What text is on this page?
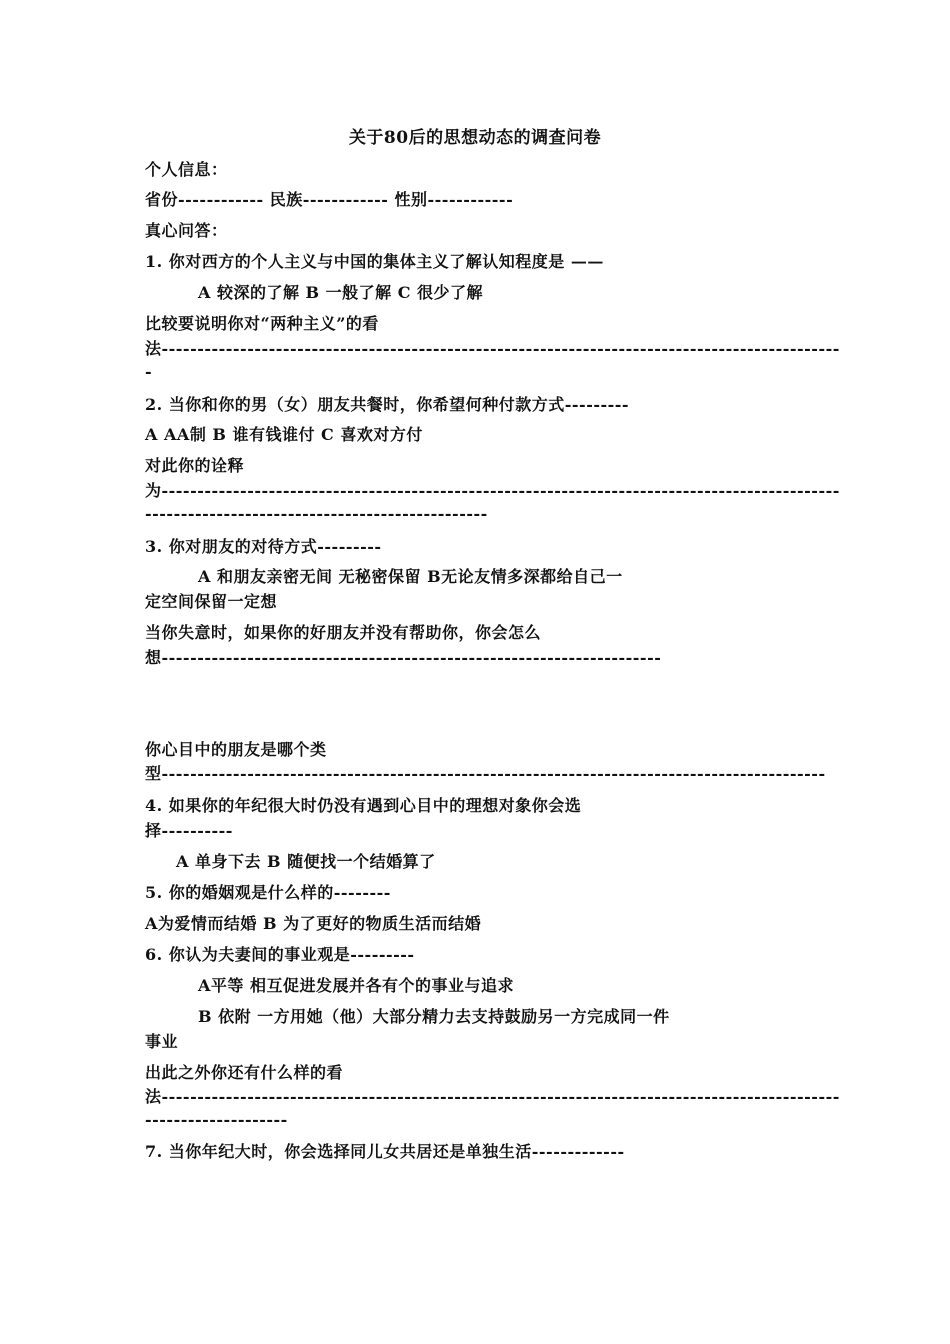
关于80后的思想动态的调查问卷
个人信息：
省份------------ 民族------------ 性别------------
真心问答：
1. 你对西方的个人主义与中国的集体主义了解认知程度是 ——
A 较深的了解 B 一般了解 C 很少了解
比较要说明你对“两种主义”的看
法-----------------------------------------------------------------------------------------------
-
2. 当你和你的男（女）朋友共餐时，你希望何种付款方式---------
A AA制 B 谁有钱谁付 C 喜欢对方付
对此你的诠释
为-----------------------------------------------------------------------------------------------
------------------------------------------------
3. 你对朋友的对待方式---------
A 和朋友亲密无间 无秘密保留 B无论友情多深都给自己一
定空间保留一定想
当你失意时，如果你的好朋友并没有帮助你，你会怎么
想----------------------------------------------------------------------
你心目中的朋友是哪个类
型---------------------------------------------------------------------------------------------
4. 如果你的年纪很大时仍没有遇到心目中的理想对象你会选
择----------
A 单身下去 B 随便找一个结婚算了
5. 你的婚姻观是什么样的--------
A为爱情而结婚 B 为了更好的物质生活而结婚
6. 你认为夫妻间的事业观是---------
A平等 相互促进发展并各有个的事业与追求
B 依附 一方用她（他）大部分精力去支持鼓励另一方完成同一件
事业
出此之外你还有什么样的看
法-----------------------------------------------------------------------------------------------
--------------------
7. 当你年纪大时，你会选择同儿女共居还是单独生活-------------
